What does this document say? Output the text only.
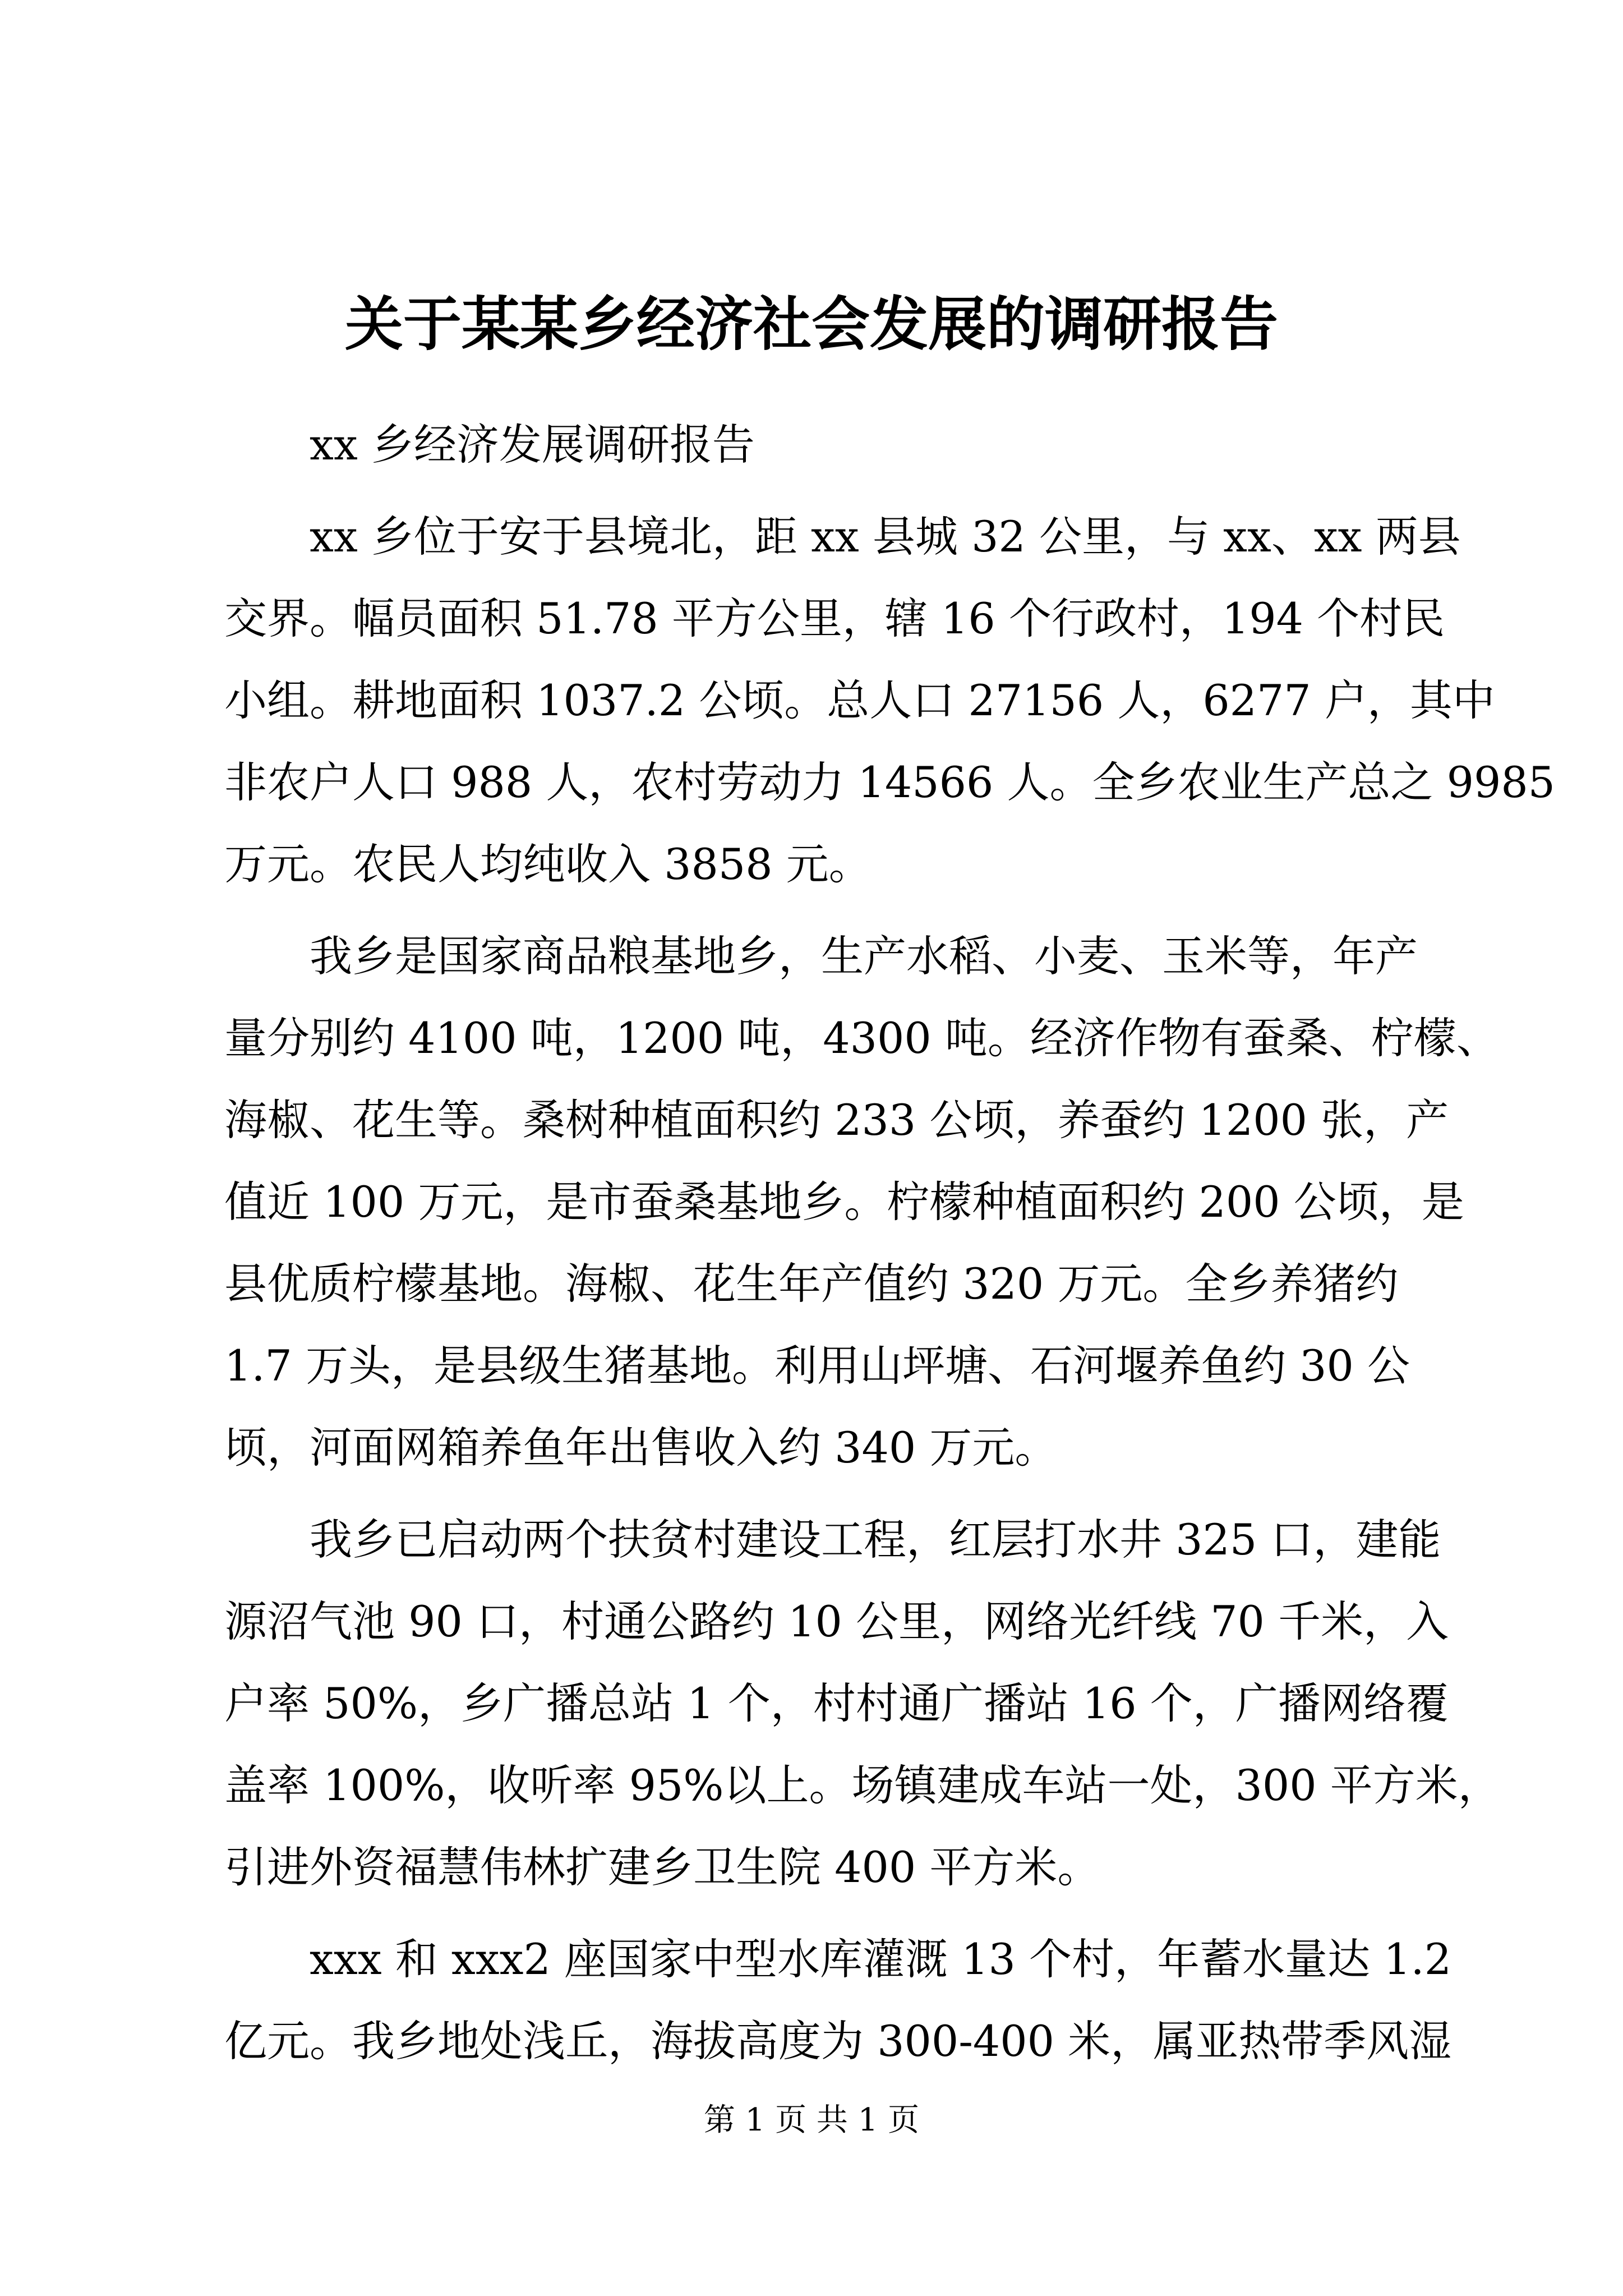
关于某某乡经济社会发展的调研报告
　　xx 乡经济发展调研报告
　　xx 乡位于安于县境北，距 xx 县城 32 公里，与 xx、xx 两县
交界。幅员面积 51.78 平方公里，辖 16 个行政村，194 个村民
小组。耕地面积 1037.2 公顷。总人口 27156 人，6277 户，其中
非农户人口 988 人，农村劳动力 14566 人。全乡农业生产总之 9985
万元。农民人均纯收入 3858 元。
　　我乡是国家商品粮基地乡，生产水稻、小麦、玉米等，年产
量分别约 4100 吨，1200 吨，4300 吨。经济作物有蚕桑、柠檬、
海椒、花生等。桑树种植面积约 233 公顷，养蚕约 1200 张，产
值近 100 万元，是市蚕桑基地乡。柠檬种植面积约 200 公顷，是
县优质柠檬基地。海椒、花生年产值约 320 万元。全乡养猪约
1.7 万头，是县级生猪基地。利用山坪塘、石河堰养鱼约 30 公
顷，河面网箱养鱼年出售收入约 340 万元。
　　我乡已启动两个扶贫村建设工程，红层打水井 325 口，建能
源沼气池 90 口，村通公路约 10 公里，网络光纤线 70 千米，入
户率 50%，乡广播总站 1 个，村村通广播站 16 个，广播网络覆
盖率 100%，收听率 95%以上。场镇建成车站一处，300 平方米，
引进外资福慧伟林扩建乡卫生院 400 平方米。
　　xxx 和 xxx2 座国家中型水库灌溉 13 个村，年蓄水量达 1.2
亿元。我乡地处浅丘，海拔高度为 300-400 米，属亚热带季风湿
第 1 页 共 1 页
